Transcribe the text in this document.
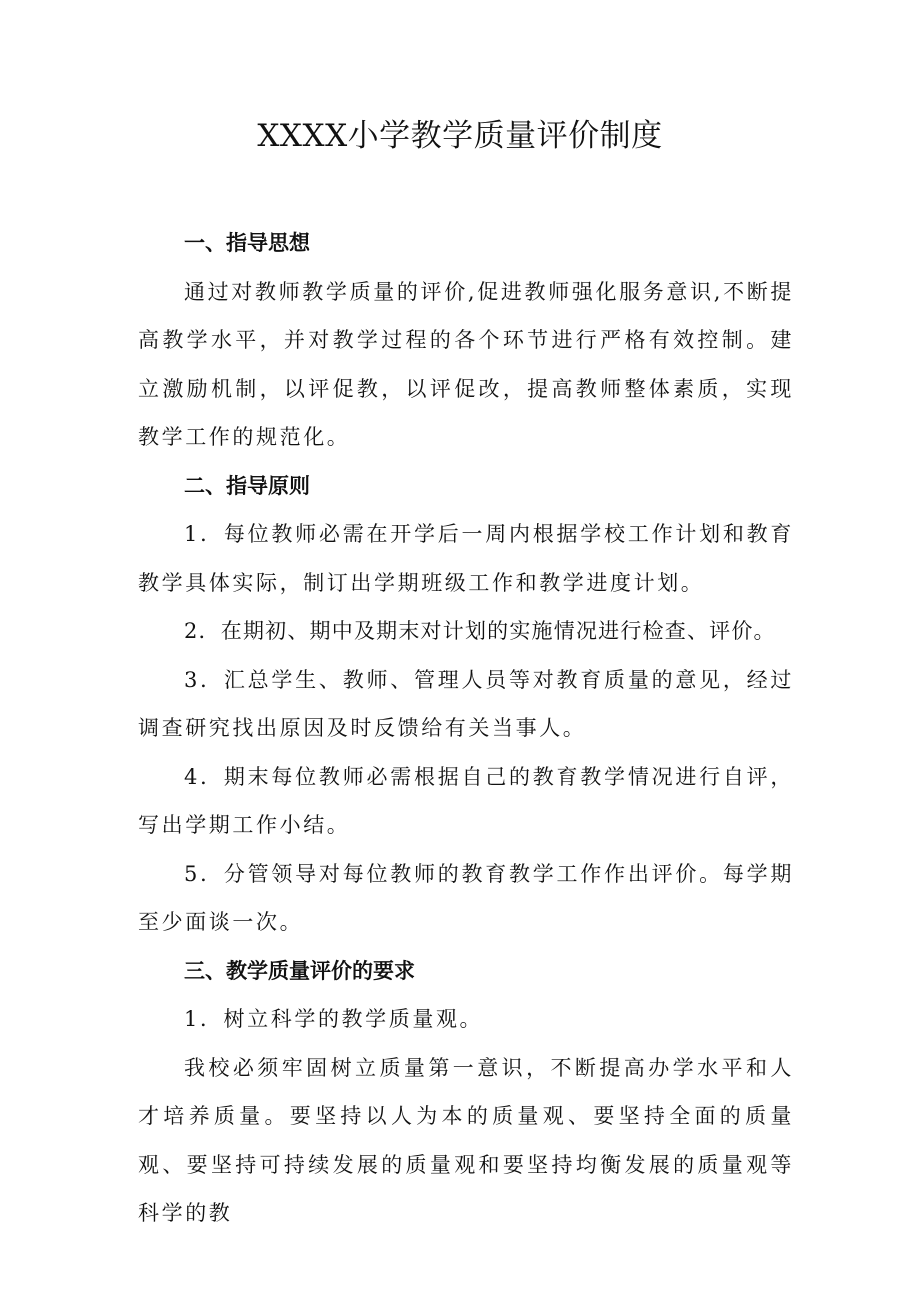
XXXX小学教学质量评价制度
一、指导思想

通过对教师教学质量的评价,促进教师强化服务意识,不断提高教学水平，并对教学过程的各个环节进行严格有效控制。建立激励机制，以评促教，以评促改，提高教师整体素质，实现教学工作的规范化。

二、指导原则

1．每位教师必需在开学后一周内根据学校工作计划和教育教学具体实际，制订出学期班级工作和教学进度计划。

2．在期初、期中及期末对计划的实施情况进行检查、评价。

3．汇总学生、教师、管理人员等对教育质量的意见，经过调查研究找出原因及时反馈给有关当事人。

4．期末每位教师必需根据自己的教育教学情况进行自评，写出学期工作小结。

5．分管领导对每位教师的教育教学工作作出评价。每学期至少面谈一次。

三、教学质量评价的要求

1．树立科学的教学质量观。

我校必须牢固树立质量第一意识，不断提高办学水平和人才培养质量。要坚持以人为本的质量观、要坚持全面的质量观、要坚持可持续发展的质量观和要坚持均衡发展的质量观等科学的教
